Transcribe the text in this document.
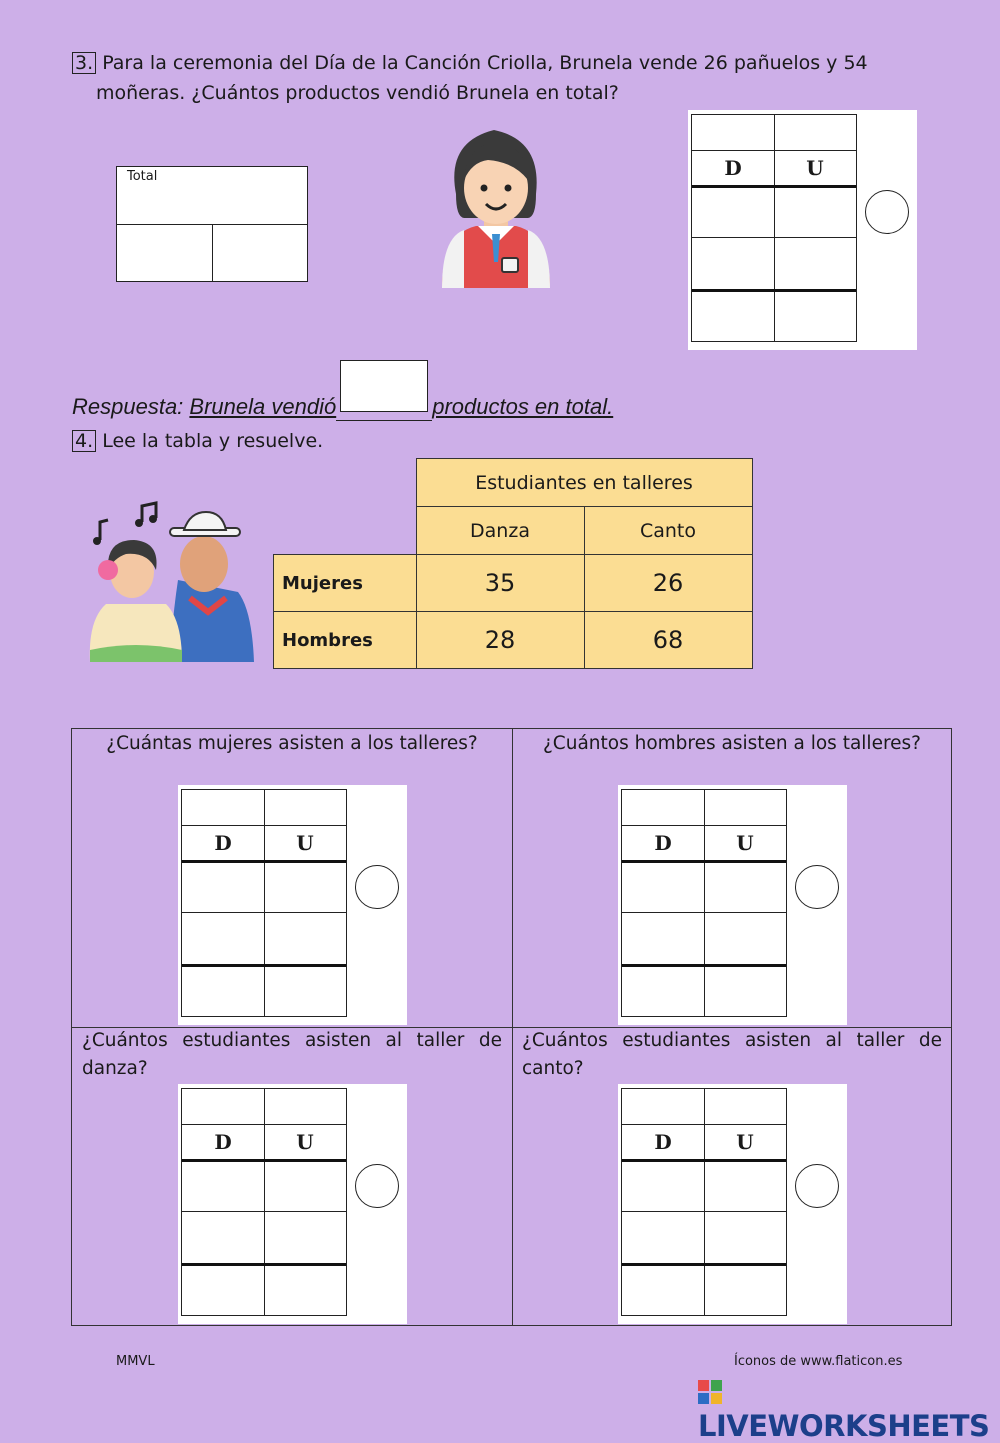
3. Para la ceremonia del Día de la Canción Criolla, Brunela vende 26 pañuelos y 54
moñeras. ¿Cuántos productos vendió Brunela en total?
Total	D	U
Respuesta: Brunela vendió	productos en total.
4. Lee la tabla y resuelve.
	Estudiantes en talleres	
	Danza	Canto
Mujeres	35	26
Hombres	28	68
¿Cuántas mujeres asisten a los talleres?	¿Cuántos hombres asisten a los talleres?
¿Cuántos estudiantes asisten al taller de danza?
¿Cuántos estudiantes asisten al taller de canto?
D	U	D	U
D	U	D	U
MMVL	Íconos de www.flaticon.es
LIVEWORKSHEETS
